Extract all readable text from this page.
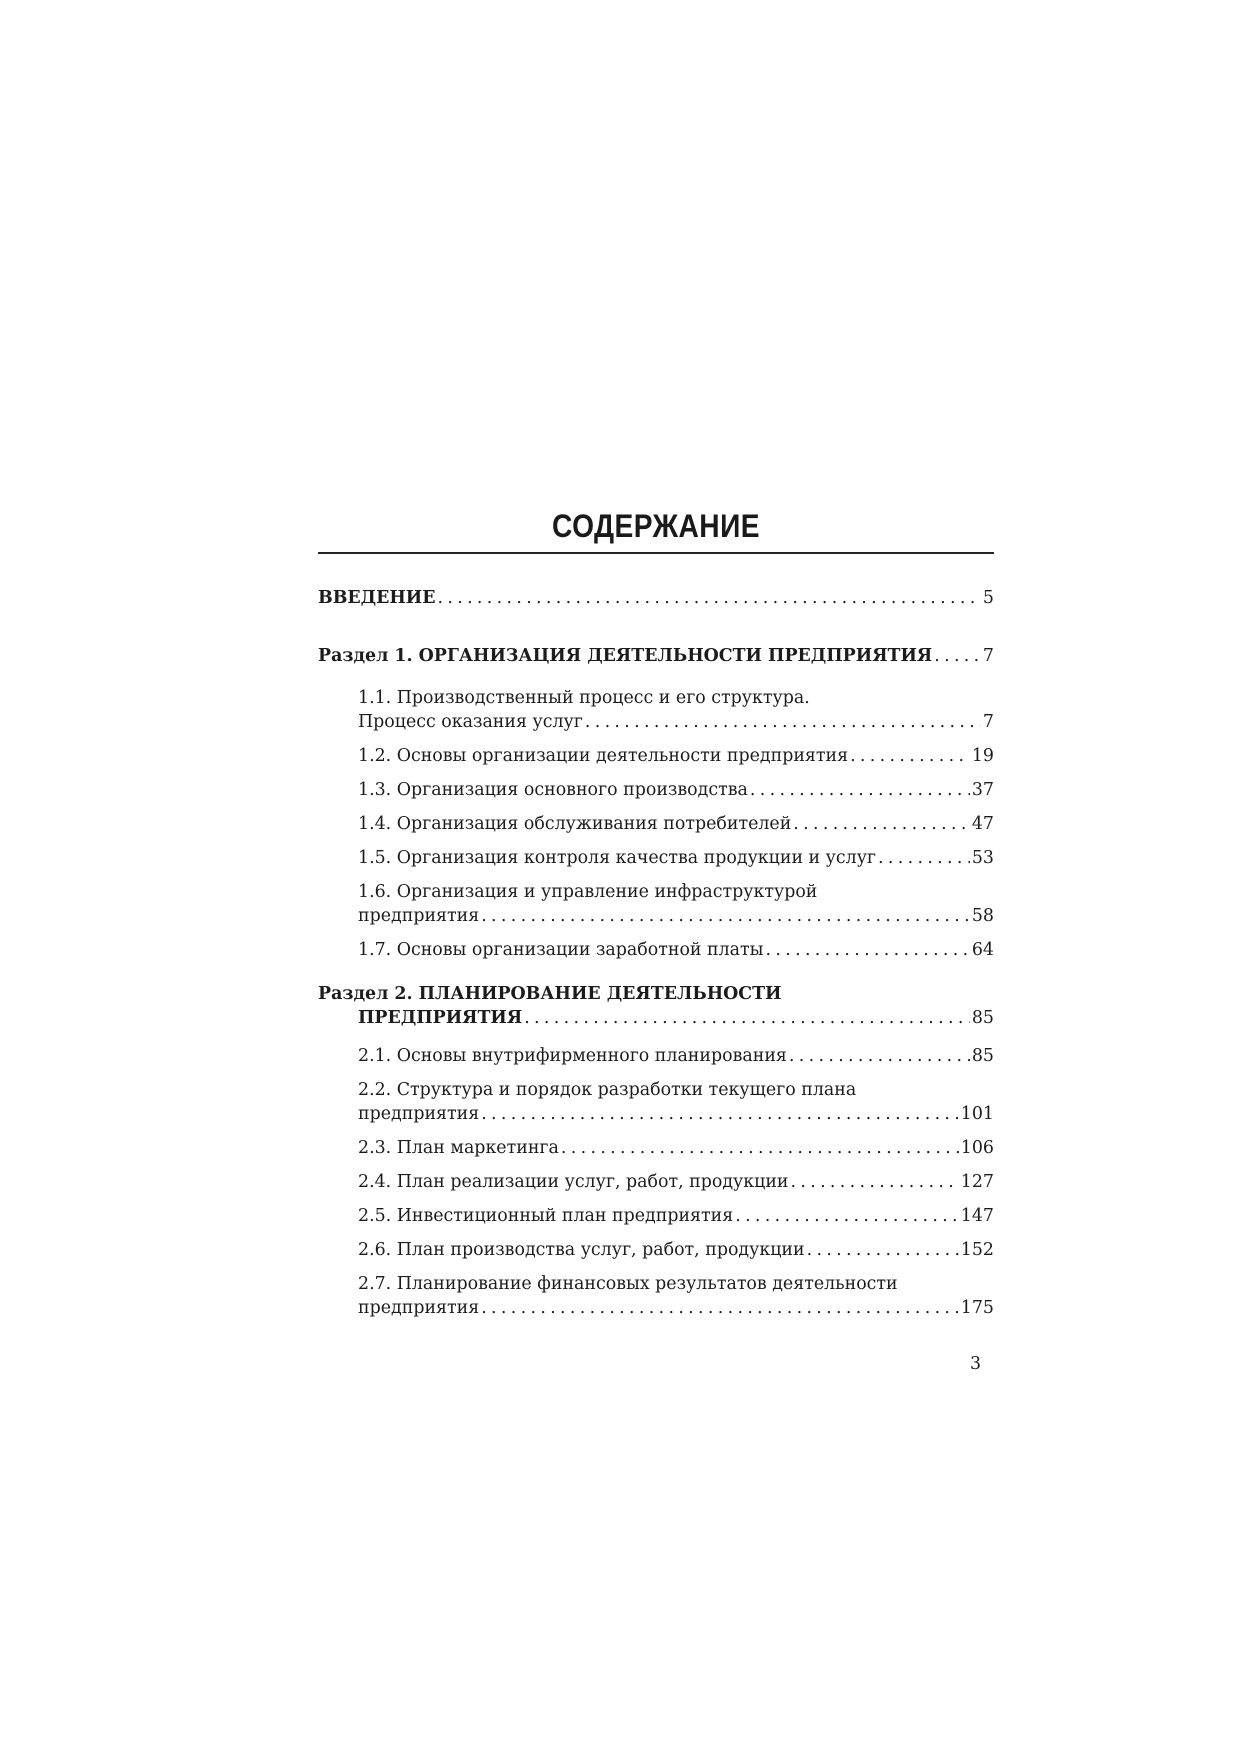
СОДЕРЖАНИЕ
ВВЕДЕНИЕ . . .	5
Раздел 1. ОРГАНИЗАЦИЯ ДЕЯТЕЛЬНОСТИ ПРЕДПРИЯТИЯ . . .	7
1.1. Производственный процесс и его структура.
Процесс оказания услуг . . .	7
1.2. Основы организации деятельности предприятия . . .	19
1.3. Организация основного производства . . .	37
1.4. Организация обслуживания потребителей . . .	47
1.5. Организация контроля качества продукции и услуг . . .	53
1.6. Организация и управление инфраструктурой
предприятия . . .	58
1.7. Основы организации заработной платы . . .	64
Раздел 2. ПЛАНИРОВАНИЕ ДЕЯТЕЛЬНОСТИ
ПРЕДПРИЯТИЯ . . .	85
2.1. Основы внутрифирменного планирования . . .	85
2.2. Структура и порядок разработки текущего плана
предприятия . . .	101
2.3. План маркетинга . . .	106
2.4. План реализации услуг, работ, продукции . . .	127
2.5. Инвестиционный план предприятия . . .	147
2.6. План производства услуг, работ, продукции . . .	152
2.7. Планирование финансовых результатов деятельности
предприятия . . .	175
3
